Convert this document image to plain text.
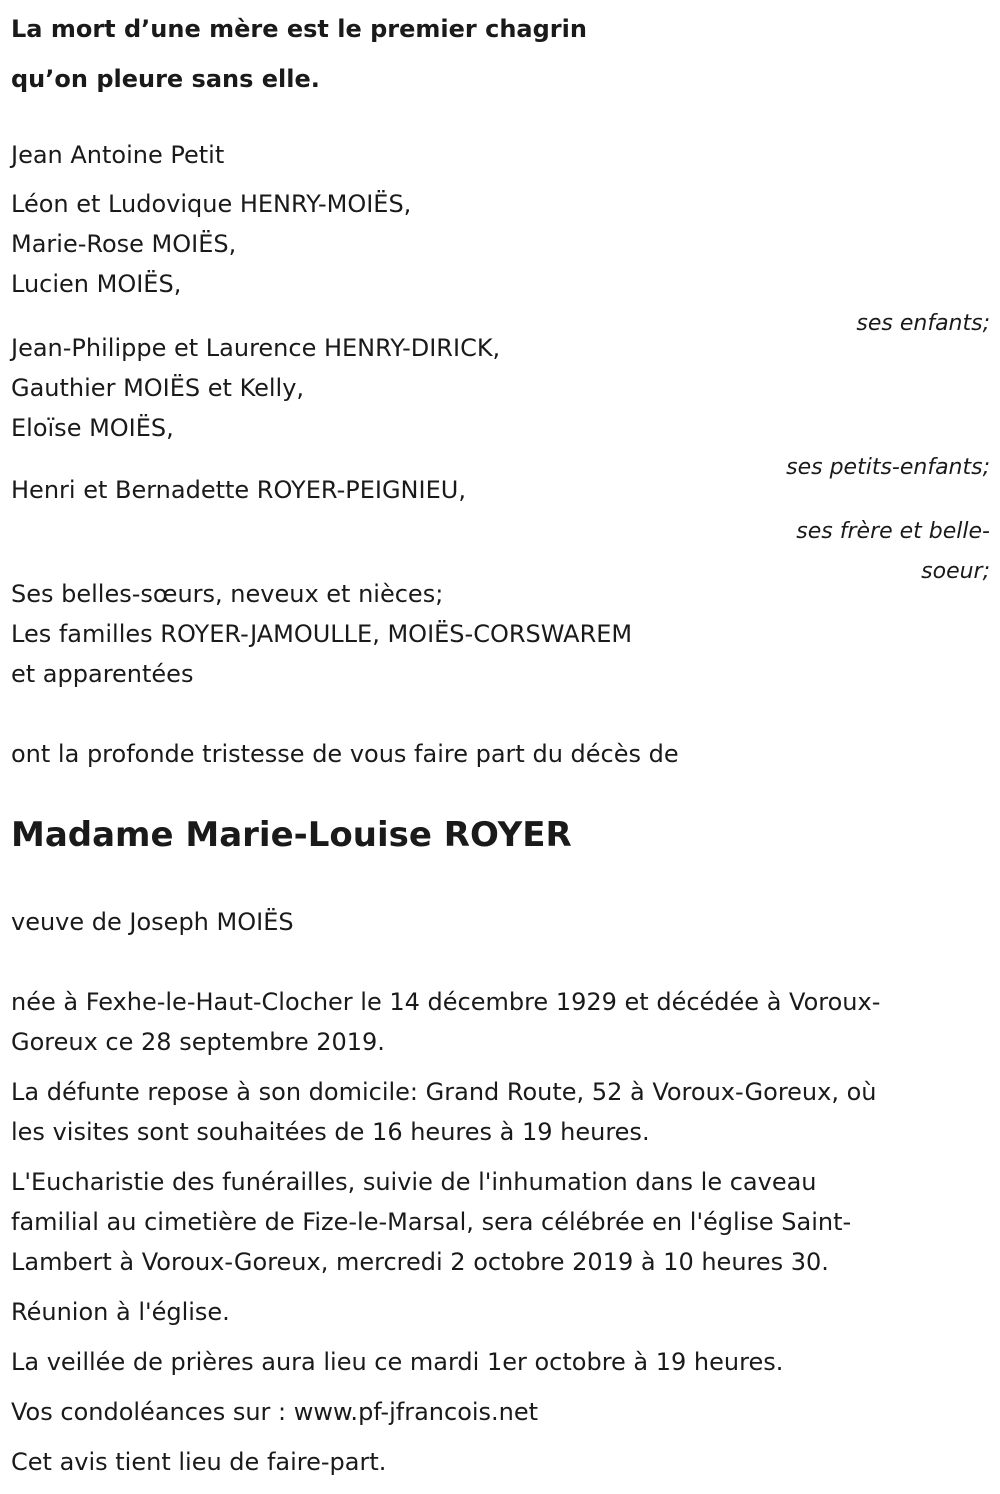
La mort d’une mère est le premier chagrin
qu’on pleure sans elle.
Jean Antoine Petit
Léon et Ludovique HENRY-MOIËS,
Marie-Rose MOIËS,
Lucien MOIËS,
ses enfants;
Jean-Philippe et Laurence HENRY-DIRICK,
Gauthier MOIËS et Kelly,
Eloïse MOIËS,
ses petits-enfants;
Henri et Bernadette ROYER-PEIGNIEU,
ses frère et belle-
soeur;
Ses belles-sœurs, neveux et nièces;
Les familles ROYER-JAMOULLE, MOIËS-CORSWAREM
et apparentées
ont la profonde tristesse de vous faire part du décès de
Madame Marie-Louise ROYER
veuve de Joseph MOIËS
née à Fexhe-le-Haut-Clocher le 14 décembre 1929 et décédée à Voroux-
Goreux ce 28 septembre 2019.
La défunte repose à son domicile: Grand Route, 52 à Voroux-Goreux, où
les visites sont souhaitées de 16 heures à 19 heures.
L'Eucharistie des funérailles, suivie de l'inhumation dans le caveau
familial au cimetière de Fize-le-Marsal, sera célébrée en l'église Saint-
Lambert à Voroux-Goreux, mercredi 2 octobre 2019 à 10 heures 30.
Réunion à l'église.
La veillée de prières aura lieu ce mardi 1er octobre à 19 heures.
Vos condoléances sur : www.pf-jfrancois.net
Cet avis tient lieu de faire-part.
